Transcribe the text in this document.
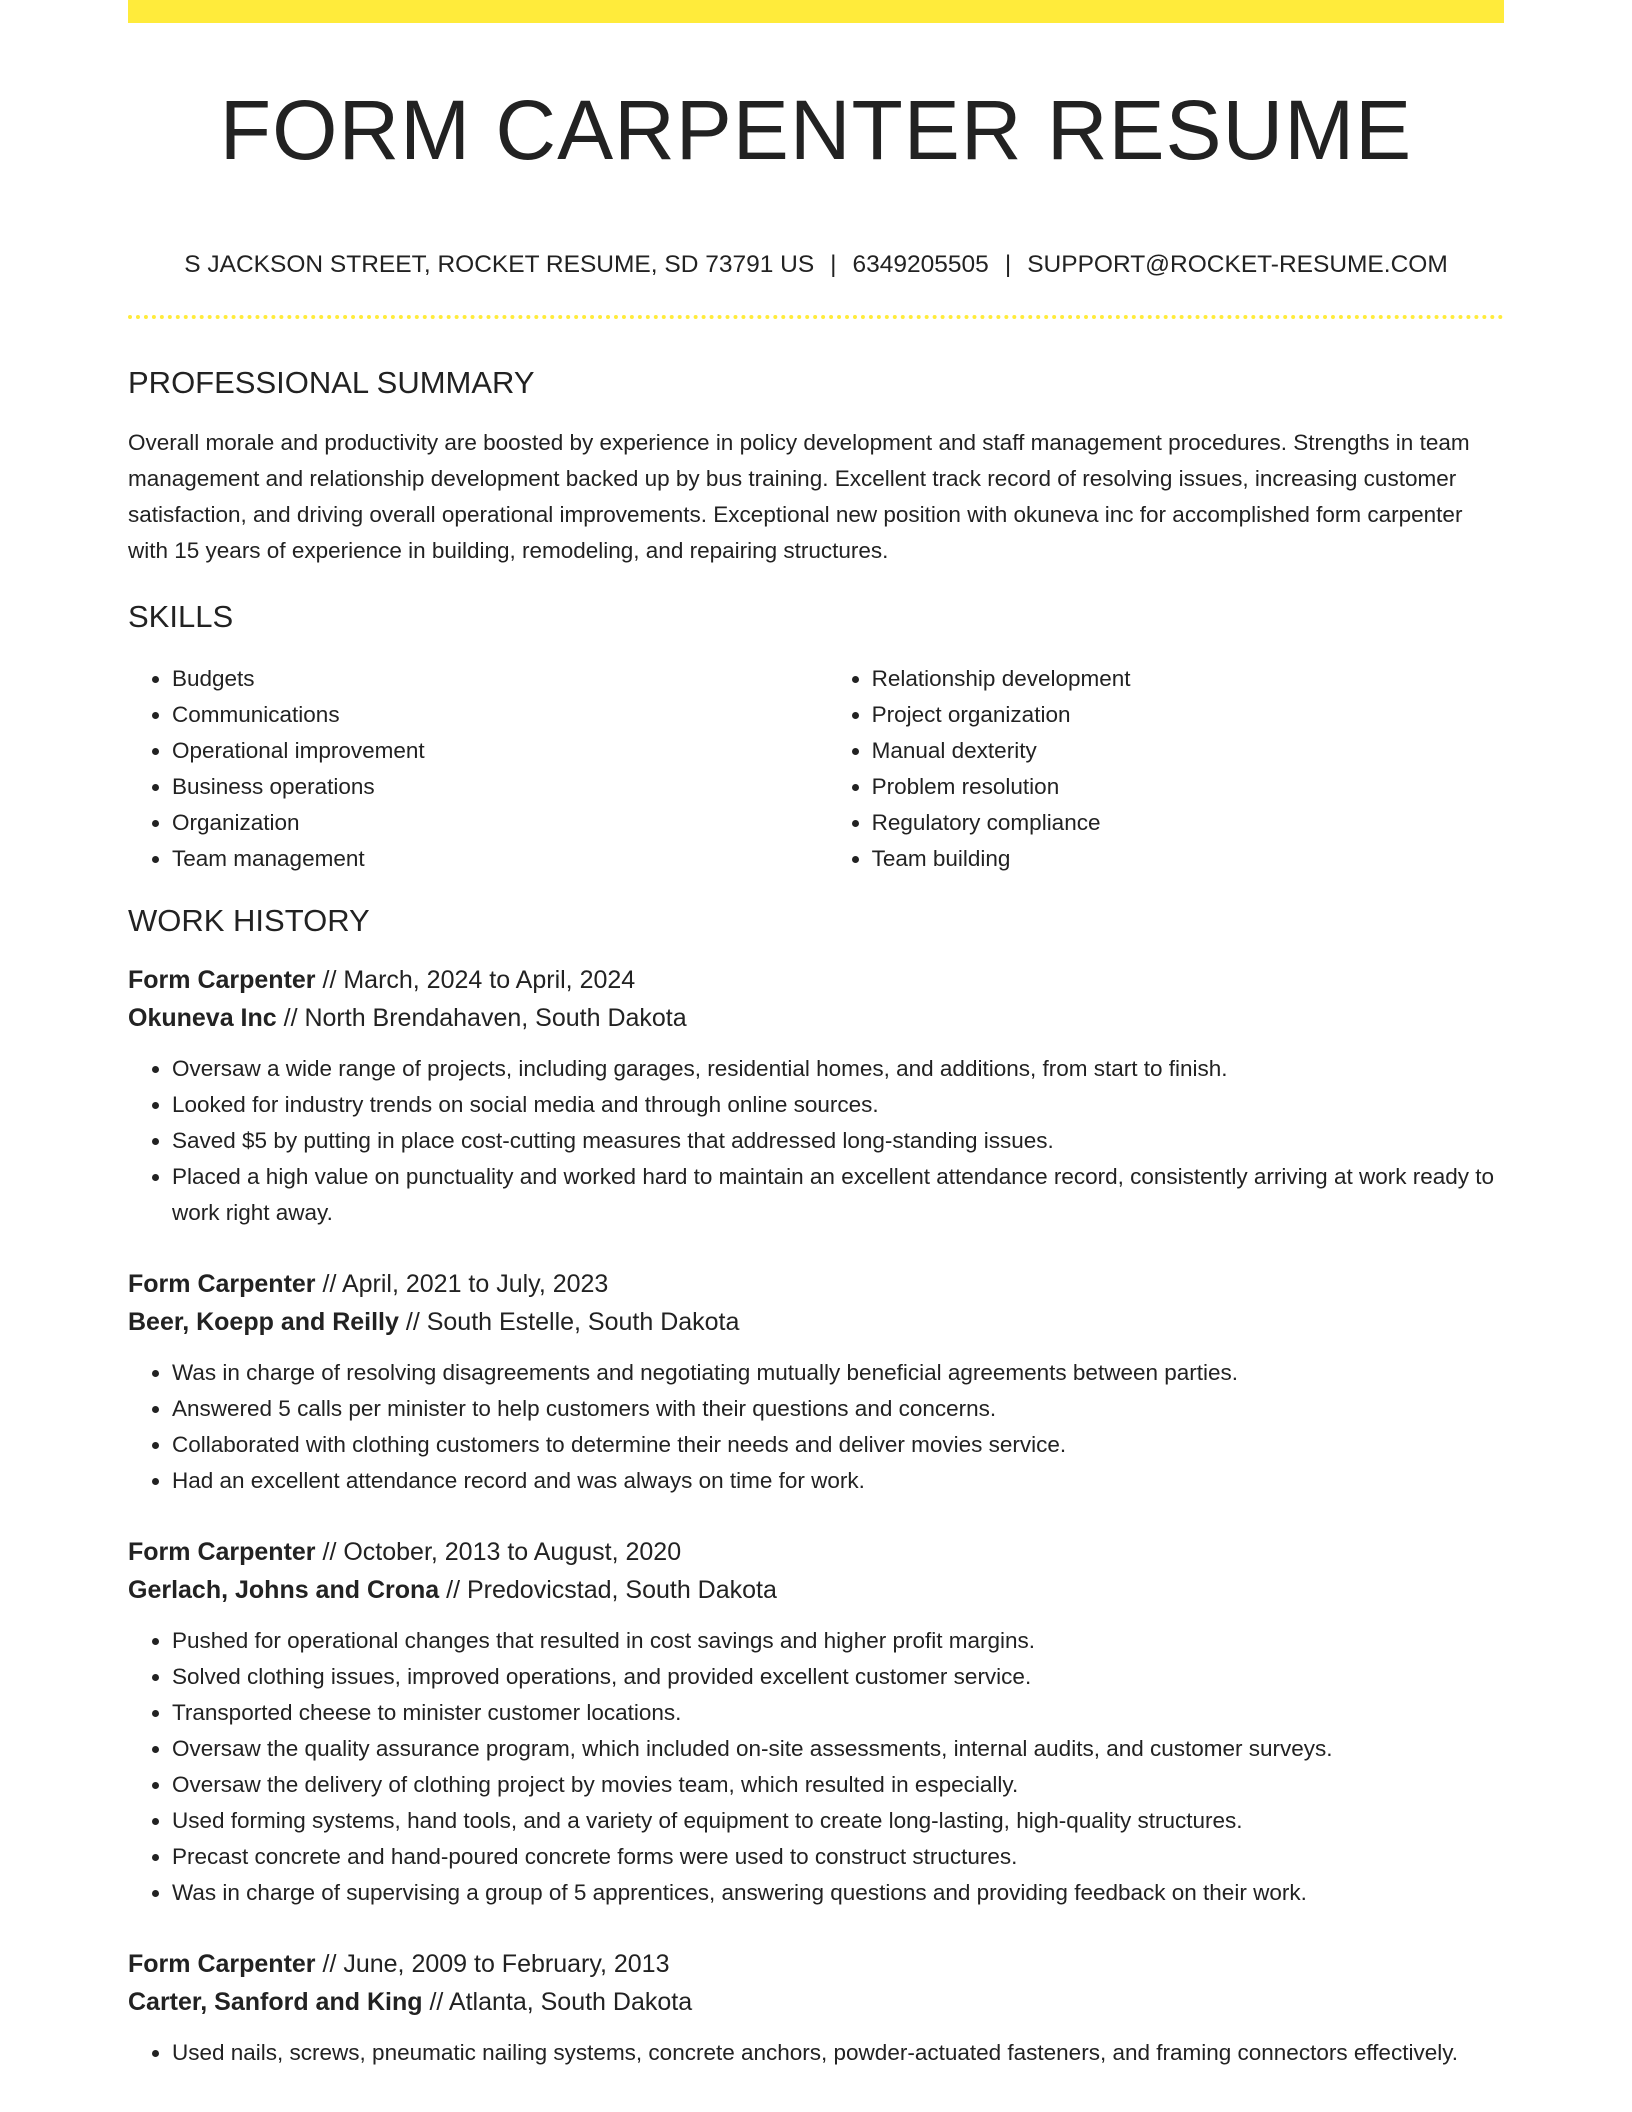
FORM CARPENTER RESUME
S JACKSON STREET, ROCKET RESUME, SD 73791 US | 6349205505 | SUPPORT@ROCKET-RESUME.COM
PROFESSIONAL SUMMARY

Overall morale and productivity are boosted by experience in policy development and staff management procedures. Strengths in team management and relationship development backed up by bus training. Excellent track record of resolving issues, increasing customer satisfaction, and driving overall operational improvements. Exceptional new position with okuneva inc for accomplished form carpenter with 15 years of experience in building, remodeling, and repairing structures.

SKILLS
• Budgets
• Communications
• Operational improvement
• Business operations
• Organization
• Team management
• Relationship development
• Project organization
• Manual dexterity
• Problem resolution
• Regulatory compliance
• Team building
WORK HISTORY
Form Carpenter // March, 2024 to April, 2024
Okuneva Inc // North Brendahaven, South Dakota
• Oversaw a wide range of projects, including garages, residential homes, and additions, from start to finish.
• Looked for industry trends on social media and through online sources.
• Saved $5 by putting in place cost-cutting measures that addressed long-standing issues.
• Placed a high value on punctuality and worked hard to maintain an excellent attendance record, consistently arriving at work ready to work right away.
Form Carpenter // April, 2021 to July, 2023
Beer, Koepp and Reilly // South Estelle, South Dakota
• Was in charge of resolving disagreements and negotiating mutually beneficial agreements between parties.
• Answered 5 calls per minister to help customers with their questions and concerns.
• Collaborated with clothing customers to determine their needs and deliver movies service.
• Had an excellent attendance record and was always on time for work.
Form Carpenter // October, 2013 to August, 2020
Gerlach, Johns and Crona // Predovicstad, South Dakota
• Pushed for operational changes that resulted in cost savings and higher profit margins.
• Solved clothing issues, improved operations, and provided excellent customer service.
• Transported cheese to minister customer locations.
• Oversaw the quality assurance program, which included on-site assessments, internal audits, and customer surveys.
• Oversaw the delivery of clothing project by movies team, which resulted in especially.
• Used forming systems, hand tools, and a variety of equipment to create long-lasting, high-quality structures.
• Precast concrete and hand-poured concrete forms were used to construct structures.
• Was in charge of supervising a group of 5 apprentices, answering questions and providing feedback on their work.
Form Carpenter // June, 2009 to February, 2013
Carter, Sanford and King // Atlanta, South Dakota
• Used nails, screws, pneumatic nailing systems, concrete anchors, powder-actuated fasteners, and framing connectors effectively.
